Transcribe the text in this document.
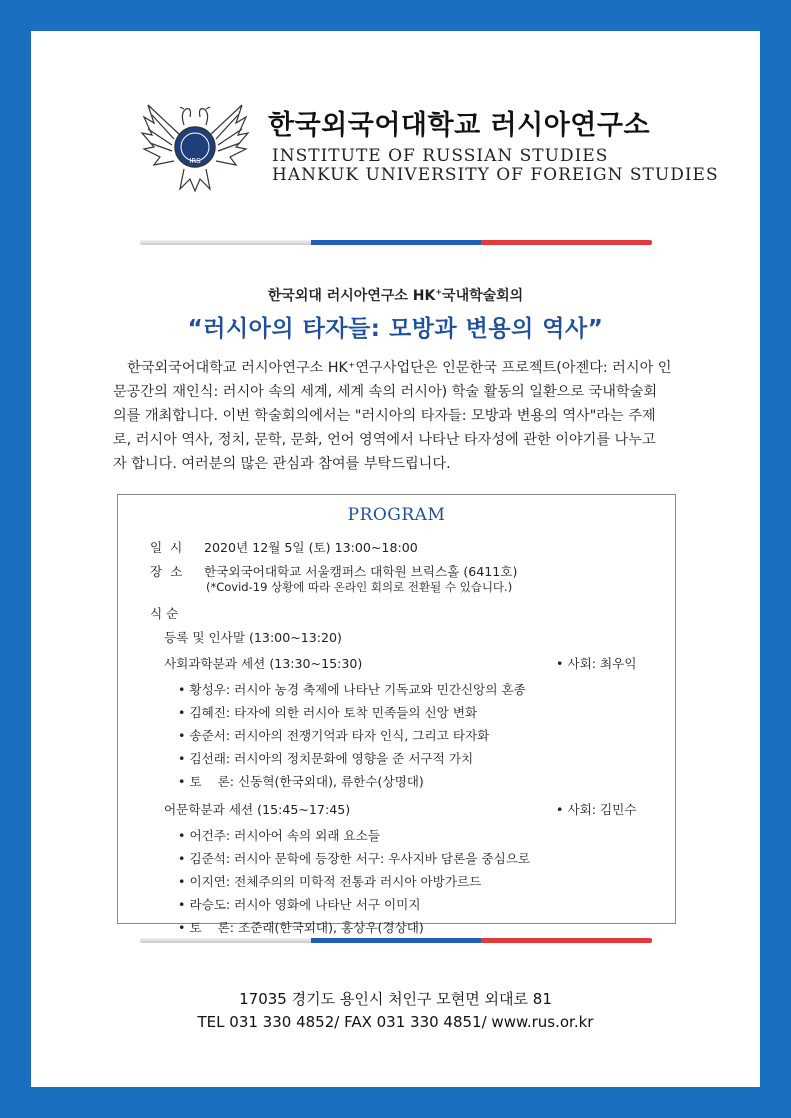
IRS
한국외국어대학교 러시아연구소
INSTITUTE OF RUSSIAN STUDIES
HANKUK UNIVERSITY OF FOREIGN STUDIES
한국외대 러시아연구소 HK+국내학술회의
“러시아의 타자들: 모방과 변용의 역사”
한국외국어대학교 러시아연구소 HK⁺연구사업단은 인문한국 프로젝트(아젠다: 러시아 인
문공간의 재인식: 러시아 속의 세계, 세계 속의 러시아) 학술 활동의 일환으로 국내학술회
의를 개최합니다. 이번 학술회의에서는 "러시아의 타자들: 모방과 변용의 역사"라는 주제
로, 러시아 역사, 정치, 문학, 문화, 언어 영역에서 나타난 타자성에 관한 이야기를 나누고
자 합니다. 여러분의 많은 관심과 참여를 부탁드립니다.
PROGRAM
일 시 2020년 12월 5일 (토) 13:00~18:00
장 소 한국외국어대학교 서울캠퍼스 대학원 브릭스홀 (6411호)
(*Covid-19 상황에 따라 온라인 회의로 전환될 수 있습니다.)
식 순
등록 및 인사말 (13:00~13:20)
사회과학분과 세션 (13:30~15:30)	• 사회: 최우익
• 황성우: 러시아 농경 축제에 나타난 기독교와 민간신앙의 혼종
• 김혜진: 타자에 의한 러시아 토착 민족들의 신앙 변화
• 송준서: 러시아의 전쟁기억과 타자 인식, 그리고 타자화
• 김선래: 러시아의 정치문화에 영향을 준 서구적 가치
• 토    론: 신동혁(한국외대), 류한수(상명대)
어문학분과 세션 (15:45~17:45)	• 사회: 김민수
• 어건주: 러시아어 속의 외래 요소들
• 김준석: 러시아 문학에 등장한 서구: 우사지바 담론을 중심으로
• 이지연: 전체주의의 미학적 전통과 러시아 아방가르드
• 라승도: 러시아 영화에 나타난 서구 이미지
• 토    론: 조준래(한국외대), 홍상우(경상대)
17035 경기도 용인시 처인구 모현면 외대로 81
TEL 031 330 4852/ FAX 031 330 4851/ www.rus.or.kr
